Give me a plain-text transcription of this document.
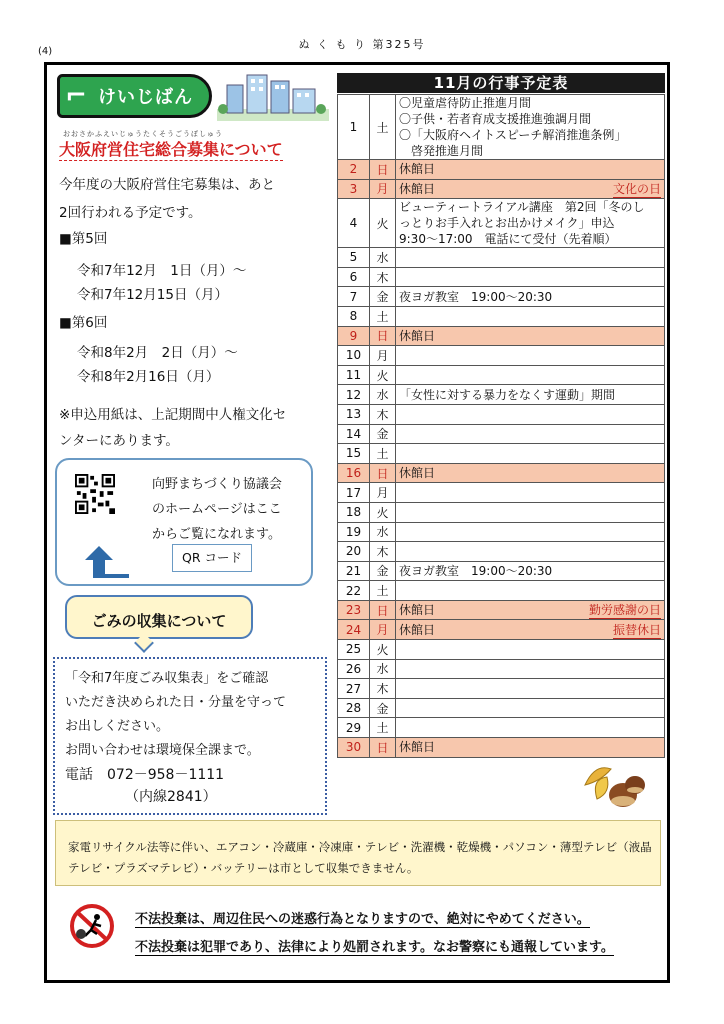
ぬ く も り 第325号
(4)
⌐ けいじばん
おおさかふえいじゅうたくそうごうぼしゅう
大阪府営住宅総合募集について
今年度の大阪府営住宅募集は、あと
2回行われる予定です。
■第5回
令和7年12月　1日（月）～
令和7年12月15日（月）
■第6回
令和8年2月　2日（月）～
令和8年2月16日（月）
※申込用紙は、上記期間中人権文化セ
ンターにあります。
向野まちづくり協議会
のホームページはここ
からご覧になれます。
QR コード
ごみの収集について
「令和7年度ごみ収集表」をご確認
いただき決められた日・分量を守って
お出しください。
お問い合わせは環境保全課まで。
電話　072－958－1111
（内線2841）
11月の行事予定表
1	土	〇児童虐待防止推進月間
〇子供・若者育成支援推進強調月間
〇「大阪府ヘイトスピーチ解消推進条例」
　啓発推進月間

2	日	休館日

3	月	休館日 文化の日

4	火	ビューティートライアル講座　第2回「冬のし
っとりお手入れとお出かけメイク」申込
9:30～17:00　電話にて受付（先着順）

5	水	
6	木	
7	金	夜ヨガ教室　19:00～20:30

8	土	
9	日	休館日

10	月	
11	火	
12	水	「女性に対する暴力をなくす運動」期間

13	木	
14	金	
15	土	
16	日	休館日

17	月	
18	火	
19	水	
20	木	
21	金	夜ヨガ教室　19:00～20:30

22	土	
23	日	休館日 勤労感謝の日

24	月	休館日 振替休日

25	火	
26	水	
27	木	
28	金	
29	土	
30	日	休館日
家電リサイクル法等に伴い、エアコン・冷蔵庫・冷凍庫・テレビ・洗濯機・乾燥機・パソコン・薄型テレビ（液晶テレビ・プラズマテレビ）・バッテリーは市として収集できません。
不法投棄は、周辺住民への迷惑行為となりますので、絶対にやめてください。
不法投棄は犯罪であり、法律により処罰されます。なお警察にも通報しています。
